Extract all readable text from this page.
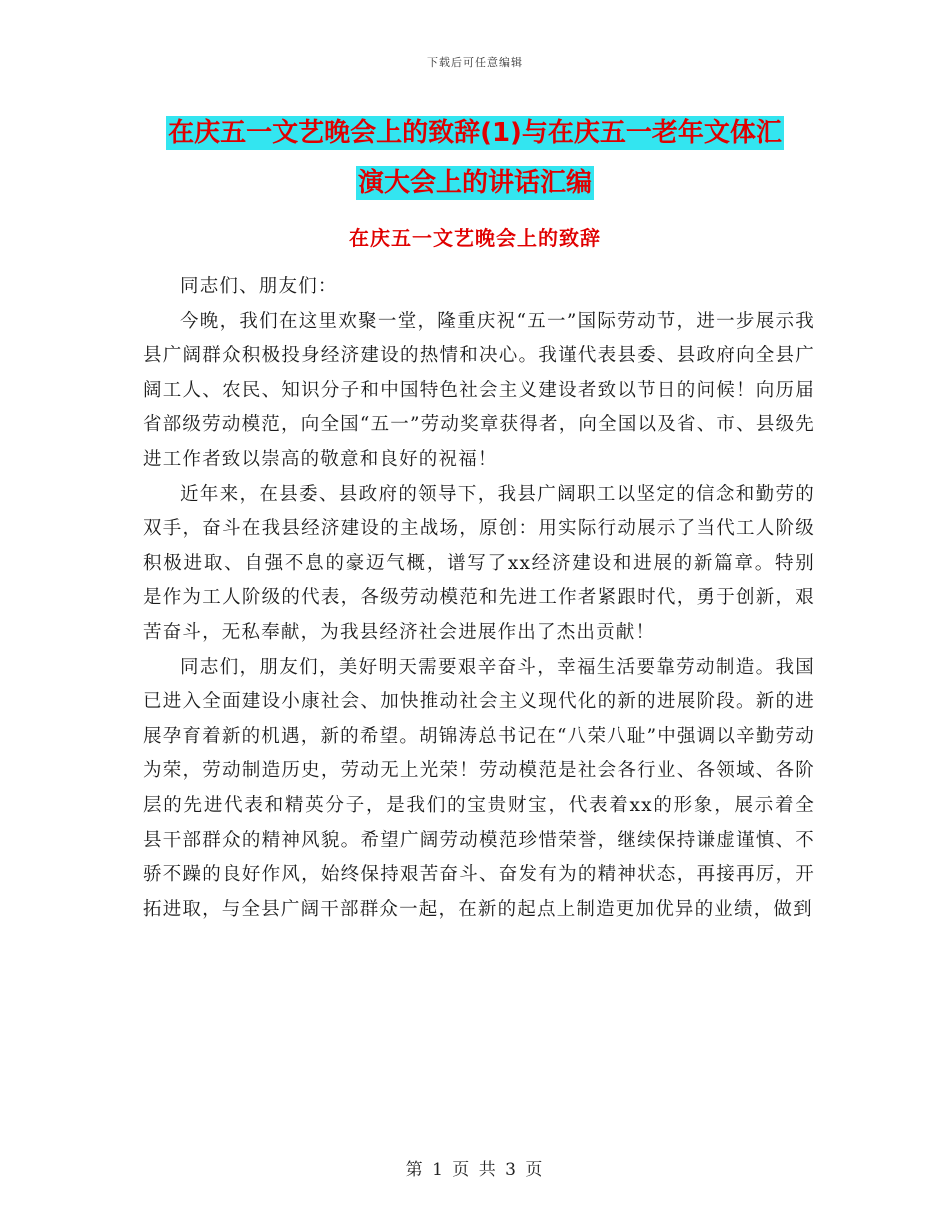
下载后可任意编辑
在庆五一文艺晚会上的致辞(1)与在庆五一老年文体汇
演大会上的讲话汇编
在庆五一文艺晚会上的致辞

同志们、朋友们：

今晚，我们在这里欢聚一堂，隆重庆祝“五一”国际劳动节，进一步展示我县广阔群众积极投身经济建设的热情和决心。我谨代表县委、县政府向全县广阔工人、农民、知识分子和中国特色社会主义建设者致以节日的问候！向历届省部级劳动模范，向全国“五一”劳动奖章获得者，向全国以及省、市、县级先进工作者致以崇高的敬意和良好的祝福！

近年来，在县委、县政府的领导下，我县广阔职工以坚定的信念和勤劳的双手，奋斗在我县经济建设的主战场，原创：用实际行动展示了当代工人阶级积极进取、自强不息的豪迈气概，谱写了xx经济建设和进展的新篇章。特别是作为工人阶级的代表，各级劳动模范和先进工作者紧跟时代，勇于创新，艰苦奋斗，无私奉献，为我县经济社会进展作出了杰出贡献！

同志们，朋友们，美好明天需要艰辛奋斗，幸福生活要靠劳动制造。我国已进入全面建设小康社会、加快推动社会主义现代化的新的进展阶段。新的进展孕育着新的机遇，新的希望。胡锦涛总书记在“八荣八耻”中强调以辛勤劳动为荣，劳动制造历史，劳动无上光荣！劳动模范是社会各行业、各领域、各阶层的先进代表和精英分子，是我们的宝贵财宝，代表着xx的形象，展示着全县干部群众的精神风貌。希望广阔劳动模范珍惜荣誉，继续保持谦虚谨慎、不骄不躁的良好作风，始终保持艰苦奋斗、奋发有为的精神状态，再接再厉，开拓进取，与全县广阔干部群众一起，在新的起点上制造更加优异的业绩，做到

第 1 页 共 3 页
